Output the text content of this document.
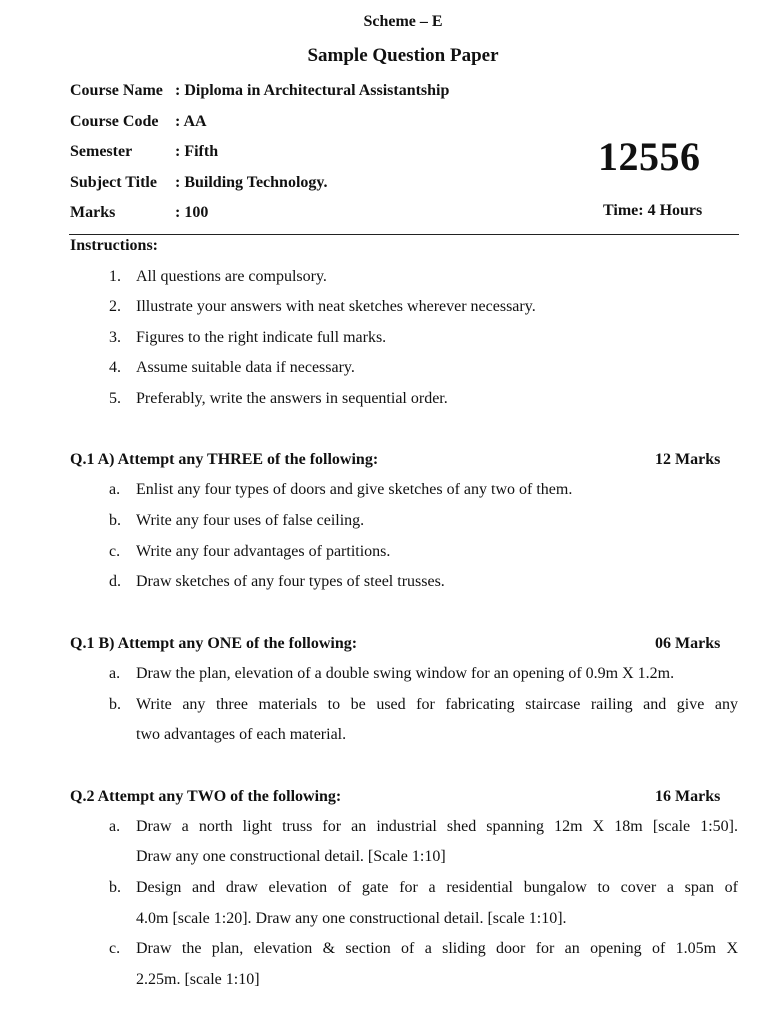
Scheme – E
Sample Question Paper
Course Name : Diploma in Architectural Assistantship
Course Code : AA
Semester	: Fifth
Subject Title : Building Technology.
Marks	: 100
12556
Time: 4 Hours
Instructions:
1. All questions are compulsory.
2. Illustrate your answers with neat sketches wherever necessary.
3. Figures to the right indicate full marks.
4. Assume suitable data if necessary.
5. Preferably, write the answers in sequential order.
Q.1 A) Attempt any THREE of the following:	12 Marks
a. Enlist any four types of doors and give sketches of any two of them.
b. Write any four uses of false ceiling.
c. Write any four advantages of partitions.
d. Draw sketches of any four types of steel trusses.
Q.1 B) Attempt any ONE of the following:	06 Marks
a. Draw the plan, elevation of a double swing window for an opening of 0.9m X 1.2m.
b. Write any three materials to be used for fabricating staircase railing and give any
two advantages of each material.
Q.2 Attempt any TWO of the following:	16 Marks
a. Draw a north light truss for an industrial shed spanning 12m X 18m [scale 1:50].
Draw any one constructional detail. [Scale 1:10]
b. Design and draw elevation of gate for a residential bungalow to cover a span of
4.0m [scale 1:20]. Draw any one constructional detail. [scale 1:10].
c. Draw the plan, elevation & section of a sliding door for an opening of 1.05m X
2.25m. [scale 1:10]
